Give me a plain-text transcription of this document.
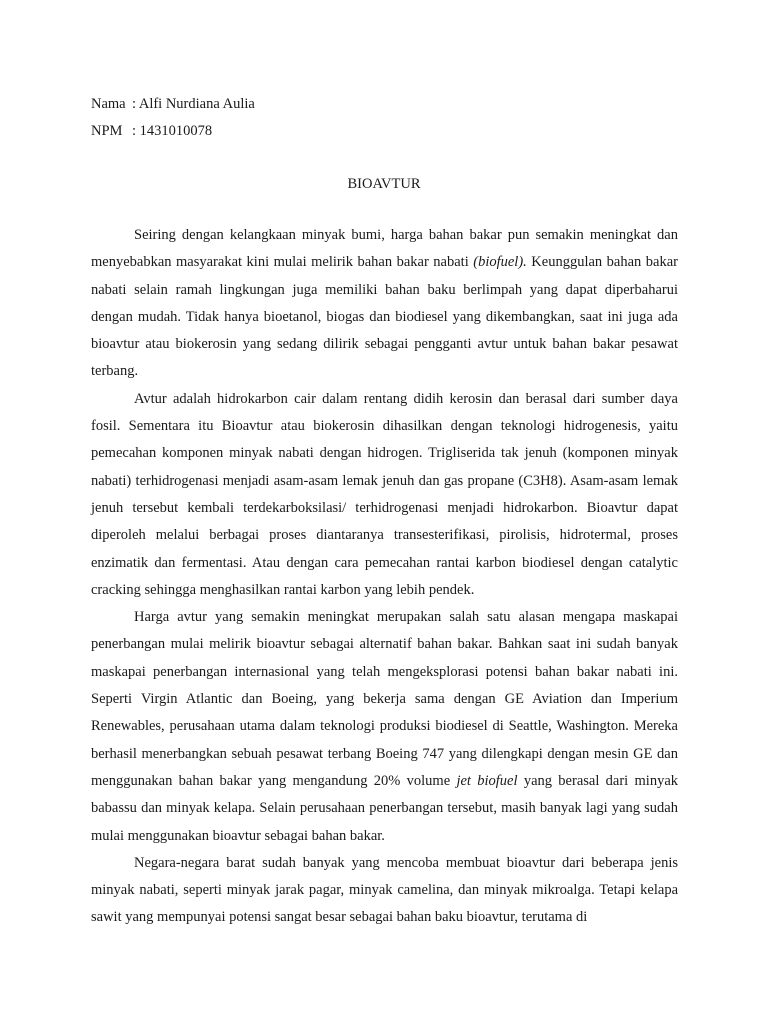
Nama : Alfi Nurdiana Aulia
NPM : 1431010078
BIOAVTUR

Seiring dengan kelangkaan minyak bumi, harga bahan bakar pun semakin meningkat dan menyebabkan masyarakat kini mulai melirik bahan bakar nabati (biofuel). Keunggulan bahan bakar nabati selain ramah lingkungan juga memiliki bahan baku berlimpah yang dapat diperbaharui dengan mudah. Tidak hanya bioetanol, biogas dan biodiesel yang dikembangkan, saat ini juga ada bioavtur atau biokerosin yang sedang dilirik sebagai pengganti avtur untuk bahan bakar pesawat terbang.

Avtur adalah hidrokarbon cair dalam rentang didih kerosin dan berasal dari sumber daya fosil. Sementara itu Bioavtur atau biokerosin dihasilkan dengan teknologi hidrogenesis, yaitu pemecahan komponen minyak nabati dengan hidrogen. Trigliserida tak jenuh (komponen minyak nabati) terhidrogenasi menjadi asam-asam lemak jenuh dan gas propane (C3H8). Asam-asam lemak jenuh tersebut kembali terdekarboksilasi/ terhidrogenasi menjadi hidrokarbon. Bioavtur dapat diperoleh melalui berbagai proses diantaranya transesterifikasi, pirolisis, hidrotermal, proses enzimatik dan fermentasi. Atau dengan cara pemecahan rantai karbon biodiesel dengan catalytic cracking sehingga menghasilkan rantai karbon yang lebih pendek.

Harga avtur yang semakin meningkat merupakan salah satu alasan mengapa maskapai penerbangan mulai melirik bioavtur sebagai alternatif bahan bakar. Bahkan saat ini sudah banyak maskapai penerbangan internasional yang telah mengeksplorasi potensi bahan bakar nabati ini. Seperti Virgin Atlantic dan Boeing, yang bekerja sama dengan GE Aviation dan Imperium Renewables, perusahaan utama dalam teknologi produksi biodiesel di Seattle, Washington. Mereka berhasil menerbangkan sebuah pesawat terbang Boeing 747 yang dilengkapi dengan mesin GE dan menggunakan bahan bakar yang mengandung 20% volume jet biofuel yang berasal dari minyak babassu dan minyak kelapa. Selain perusahaan penerbangan tersebut, masih banyak lagi yang sudah mulai menggunakan bioavtur sebagai bahan bakar.

Negara-negara barat sudah banyak yang mencoba membuat bioavtur dari beberapa jenis minyak nabati, seperti minyak jarak pagar, minyak camelina, dan minyak mikroalga. Tetapi kelapa sawit yang mempunyai potensi sangat besar sebagai bahan baku bioavtur, terutama di
